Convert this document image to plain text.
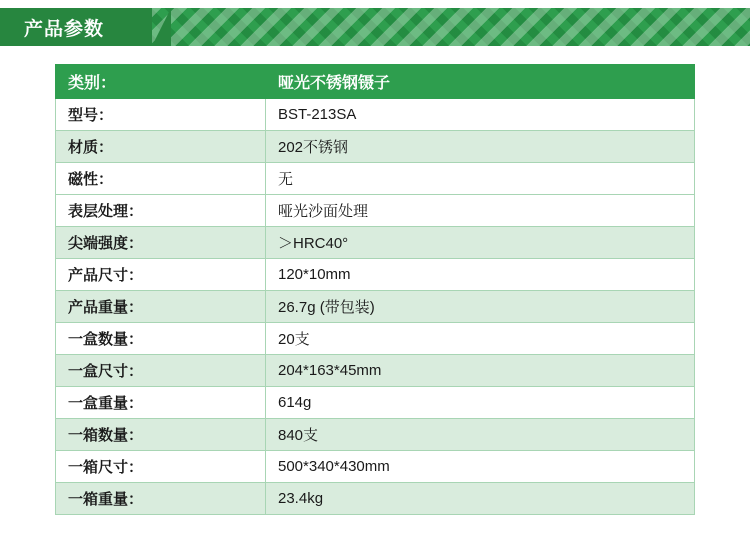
产品参数
类别：	哑光不锈钢镊子
型号：	BST-213SA
材质：	202不锈钢
磁性：	无
表层处理：	哑光沙面处理
尖端强度：	＞HRC40°
产品尺寸：	120*10mm
产品重量：	26.7g (带包装)
一盒数量：	20支
一盒尺寸：	204*163*45mm
一盒重量：	614g
一箱数量：	840支
一箱尺寸：	500*340*430mm
一箱重量：	23.4kg
